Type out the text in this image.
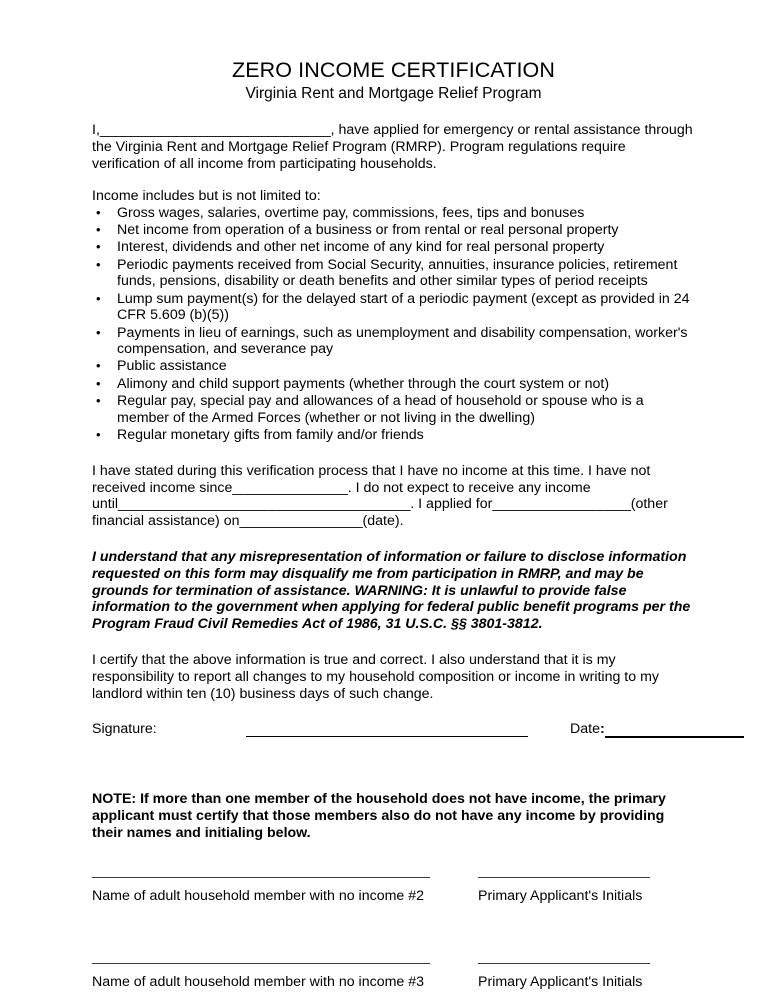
ZERO INCOME CERTIFICATION
Virginia Rent and Mortgage Relief Program

I,______________________________, have applied for emergency or rental assistance through the Virginia Rent and Mortgage Relief Program (RMRP). Program regulations require verification of all income from participating households.

Income includes but is not limited to:

• Gross wages, salaries, overtime pay, commissions, fees, tips and bonuses
• Net income from operation of a business or from rental or real personal property
• Interest, dividends and other net income of any kind for real personal property
• Periodic payments received from Social Security, annuities, insurance policies, retirement funds, pensions, disability or death benefits and other similar types of period receipts
• Lump sum payment(s) for the delayed start of a periodic payment (except as provided in 24 CFR 5.609 (b)(5))
• Payments in lieu of earnings, such as unemployment and disability compensation, worker's compensation, and severance pay
• Public assistance
• Alimony and child support payments (whether through the court system or not)
• Regular pay, special pay and allowances of a head of household or spouse who is a member of the Armed Forces (whether or not living in the dwelling)
• Regular monetary gifts from family and/or friends

I have stated during this verification process that I have no income at this time. I have not received income since_______________. I do not expect to receive any income until______________________________________. I applied for__________________(other financial assistance) on________________(date).

I understand that any misrepresentation of information or failure to disclose information requested on this form may disqualify me from participation in RMRP, and may be grounds for termination of assistance. WARNING: It is unlawful to provide false information to the government when applying for federal public benefit programs per the Program Fraud Civil Remedies Act of 1986, 31 U.S.C. §§ 3801-3812.

I certify that the above information is true and correct. I also understand that it is my responsibility to report all changes to my household composition or income in writing to my landlord within ten (10) business days of such change.

Signature:	Date:

NOTE: If more than one member of the household does not have income, the primary applicant must certify that those members also do not have any income by providing their names and initialing below.

Name of adult household member with no income #2	Primary Applicant's Initials
Name of adult household member with no income #3	Primary Applicant's Initials
